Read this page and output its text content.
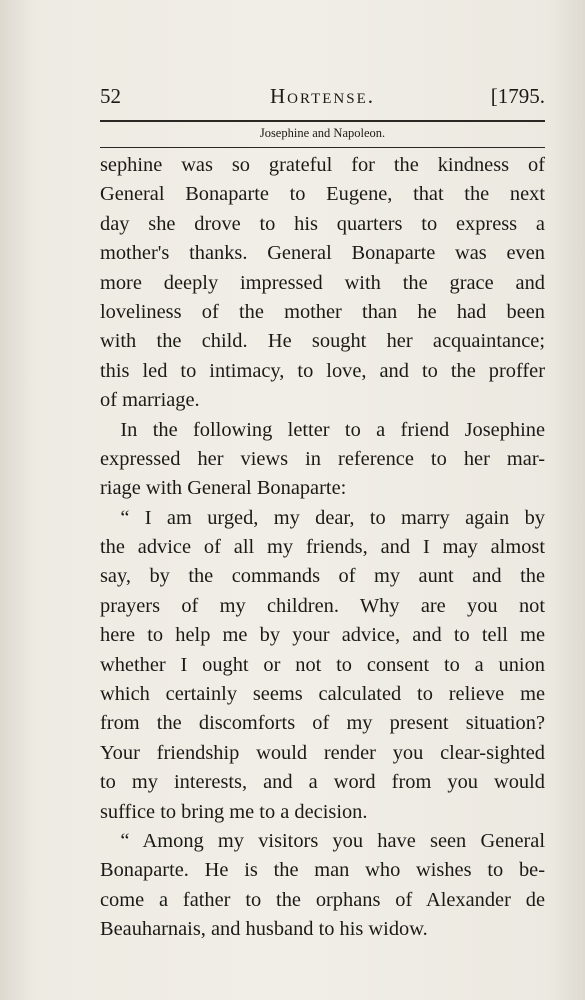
52	Hortense.	[1795.
Josephine and Napoleon.
sephine was so grateful for the kindness of
General Bonaparte to Eugene, that the next
day she drove to his quarters to express a
mother's thanks. General Bonaparte was even
more deeply impressed with the grace and
loveliness of the mother than he had been
with the child. He sought her acquaintance;
this led to intimacy, to love, and to the proffer
of marriage.
In the following letter to a friend Josephine
expressed her views in reference to her mar-
riage with General Bonaparte:
“ I am urged, my dear, to marry again by
the advice of all my friends, and I may almost
say, by the commands of my aunt and the
prayers of my children. Why are you not
here to help me by your advice, and to tell me
whether I ought or not to consent to a union
which certainly seems calculated to relieve me
from the discomforts of my present situation?
Your friendship would render you clear-sighted
to my interests, and a word from you would
suffice to bring me to a decision.
“ Among my visitors you have seen General
Bonaparte. He is the man who wishes to be-
come a father to the orphans of Alexander de
Beauharnais, and husband to his widow.
